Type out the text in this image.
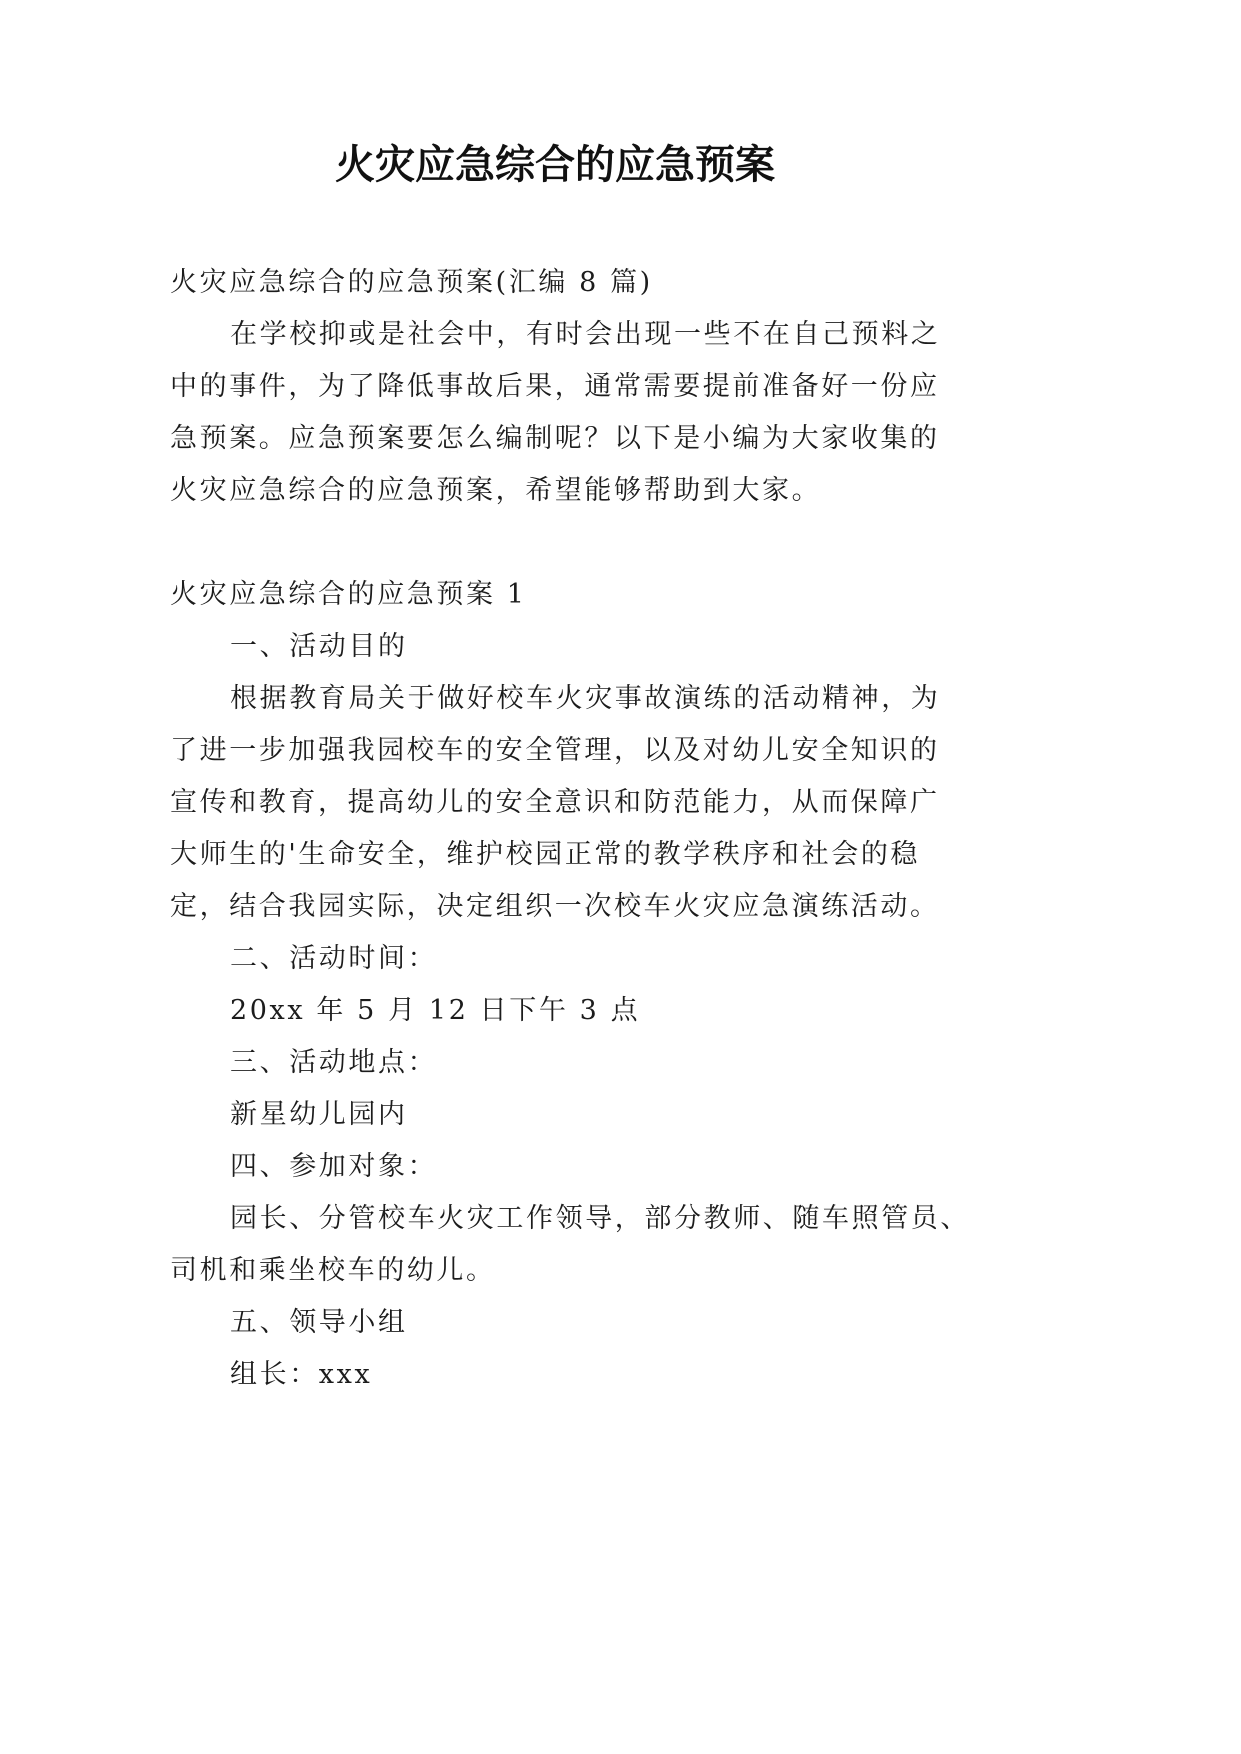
火灾应急综合的应急预案
火灾应急综合的应急预案(汇编 8 篇)
在学校抑或是社会中，有时会出现一些不在自己预料之
中的事件，为了降低事故后果，通常需要提前准备好一份应
急预案。应急预案要怎么编制呢？以下是小编为大家收集的
火灾应急综合的应急预案，希望能够帮助到大家。
火灾应急综合的应急预案 1
一、活动目的
根据教育局关于做好校车火灾事故演练的活动精神，为
了进一步加强我园校车的安全管理，以及对幼儿安全知识的
宣传和教育，提高幼儿的安全意识和防范能力，从而保障广
大师生的'生命安全，维护校园正常的教学秩序和社会的稳
定，结合我园实际，决定组织一次校车火灾应急演练活动。
二、活动时间：
20xx 年 5 月 12 日下午 3 点
三、活动地点：
新星幼儿园内
四、参加对象：
园长、分管校车火灾工作领导，部分教师、随车照管员、
司机和乘坐校车的幼儿。
五、领导小组
组长：xxx
